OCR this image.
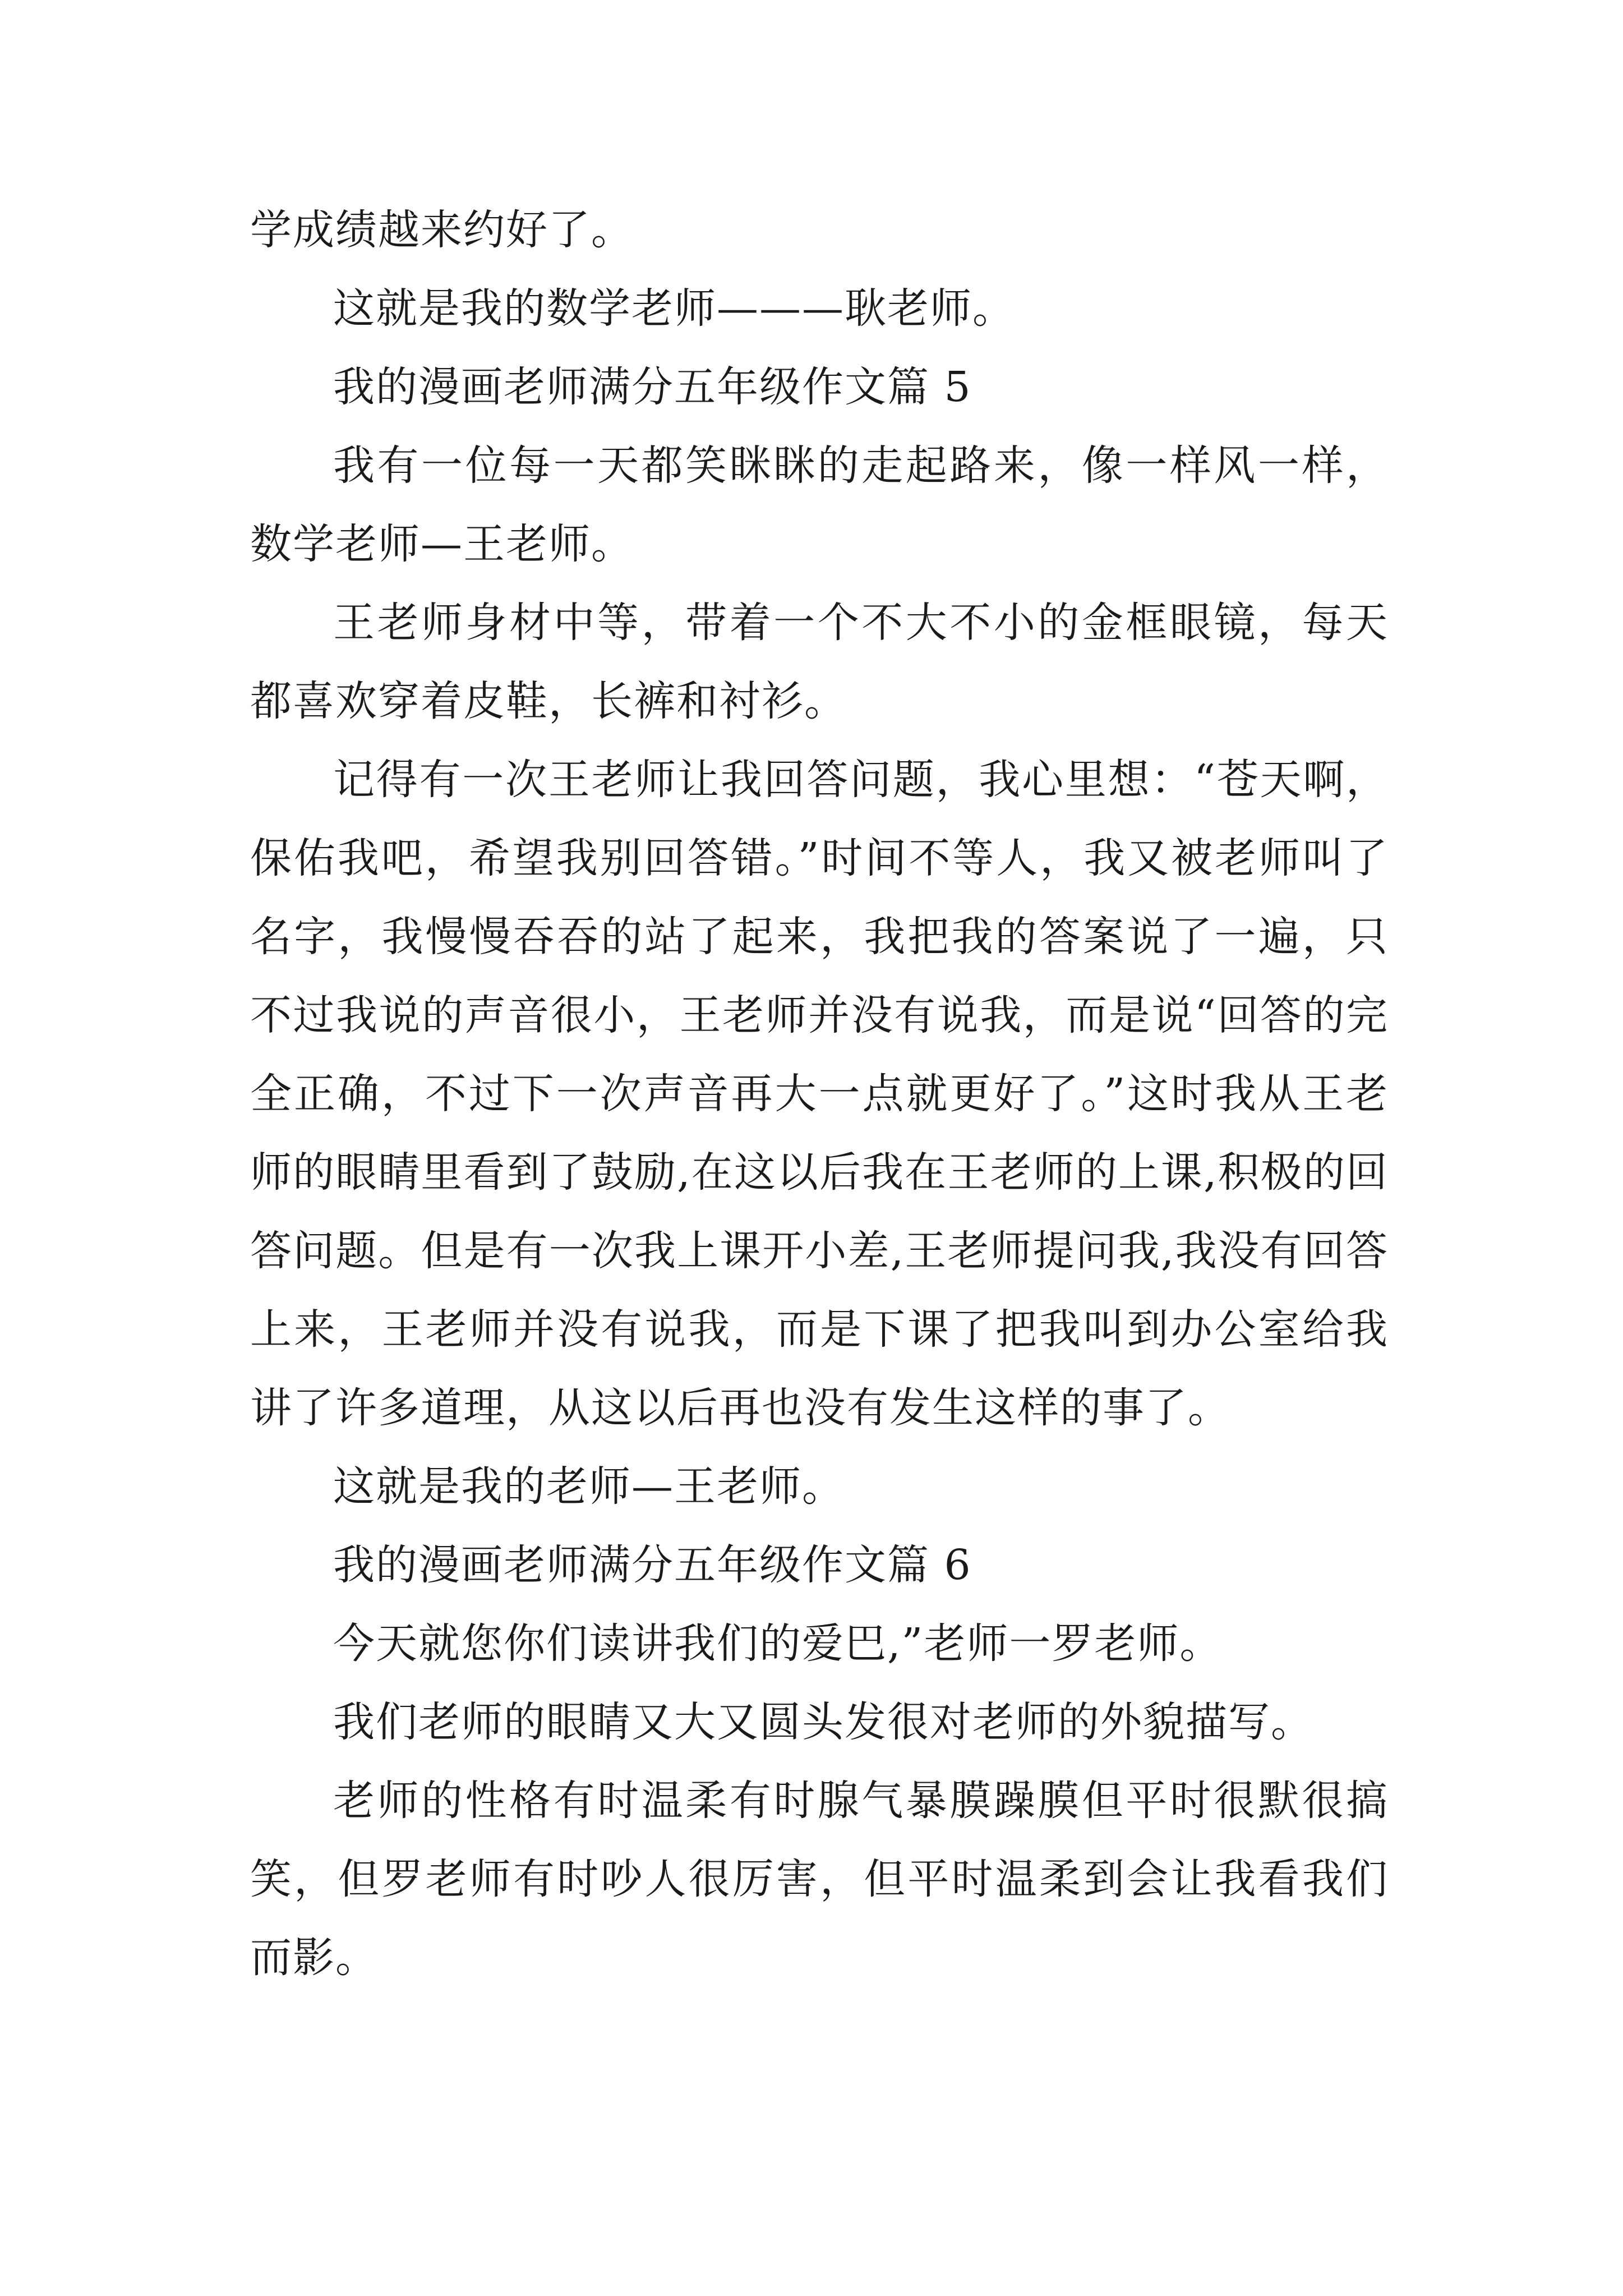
学成绩越来约好了。

这就是我的数学老师———耿老师。

我的漫画老师满分五年级作文篇 5

我有一位每一天都笑眯眯的走起路来，像一样风一样，数学老师—王老师。

王老师身材中等，带着一个不大不小的金框眼镜，每天都喜欢穿着皮鞋，长裤和衬衫。

记得有一次王老师让我回答问题，我心里想：“苍天啊，保佑我吧，希望我别回答错。”时间不等人，我又被老师叫了名字，我慢慢吞吞的站了起来，我把我的答案说了一遍，只不过我说的声音很小，王老师并没有说我，而是说“回答的完全正确，不过下一次声音再大一点就更好了。”这时我从王老师的眼睛里看到了鼓励,在这以后我在王老师的上课,积极的回答问题。但是有一次我上课开小差,王老师提问我,我没有回答上来，王老师并没有说我，而是下课了把我叫到办公室给我讲了许多道理，从这以后再也没有发生这样的事了。

这就是我的老师—王老师。

我的漫画老师满分五年级作文篇 6

今天就您你们读讲我们的爱巴,”老师一罗老师。

我们老师的眼睛又大又圆头发很对老师的外貌描写。

老师的性格有时温柔有时腺气暴膜躁膜但平时很默很搞笑，但罗老师有时吵人很厉害，但平时温柔到会让我看我们而影。
